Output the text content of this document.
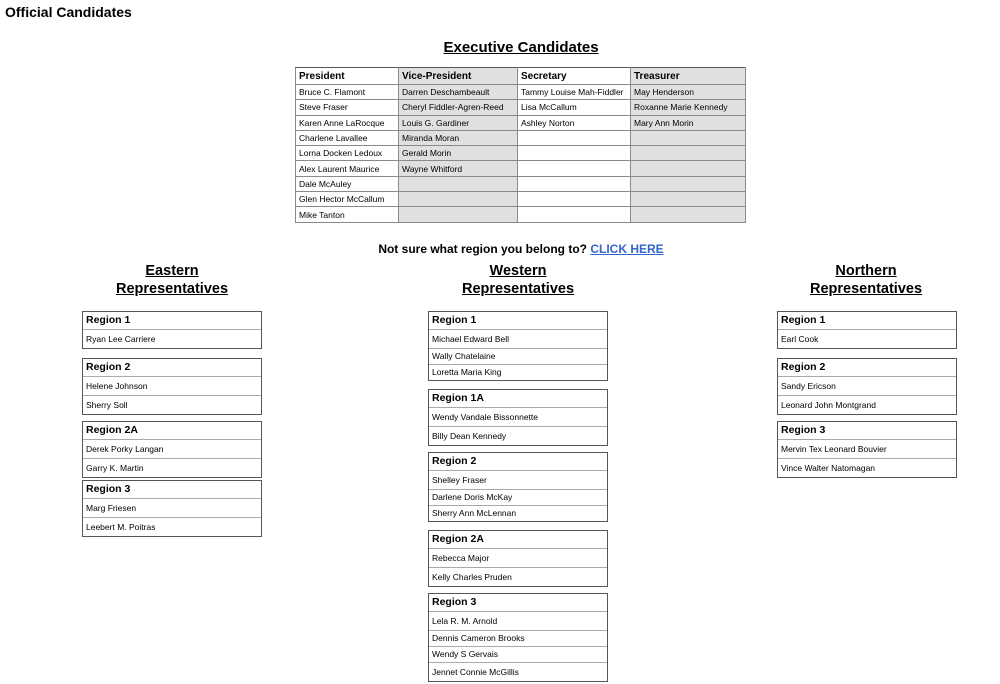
Official Candidates
Executive Candidates
President	Vice-President	Secretary	Treasurer
Bruce C. Flamont	Darren Deschambeault	Tammy Louise Mah-Fiddler	May Henderson
Steve Fraser	Cheryl Fiddler-Agren-Reed	Lisa McCallum	Roxanne Marie Kennedy
Karen Anne LaRocque	Louis G. Gardiner	Ashley Norton	Mary Ann Morin
Charlene Lavallee	Miranda Moran		
Lorna Docken Ledoux	Gerald Morin		
Alex Laurent Maurice	Wayne Whitford		
Dale McAuley			
Glen Hector McCallum			
Mike Tanton			
Not sure what region you belong to? CLICK HERE
Eastern
Representatives
Western
Representatives
Northern
Representatives
Region 1
Ryan Lee Carriere
Region 2
Helene Johnson
Sherry Soll
Region 2A
Derek Porky Langan
Garry K. Martin
Region 3
Marg Friesen
Leebert M. Poitras
Region 1
Michael Edward Bell
Wally Chatelaine
Loretta Maria King
Region 1A
Wendy Vandale Bissonnette
Billy Dean Kennedy
Region 2
Shelley Fraser
Darlene Doris McKay
Sherry Ann McLennan
Region 2A
Rebecca Major
Kelly Charles Pruden
Region 3
Lela R. M. Arnold
Dennis Cameron Brooks
Wendy S Gervais
Jennet Connie McGillis
Region 1
Earl Cook
Region 2
Sandy Ericson
Leonard John Montgrand
Region 3
Mervin Tex Leonard Bouvier
Vince Walter Natomagan
